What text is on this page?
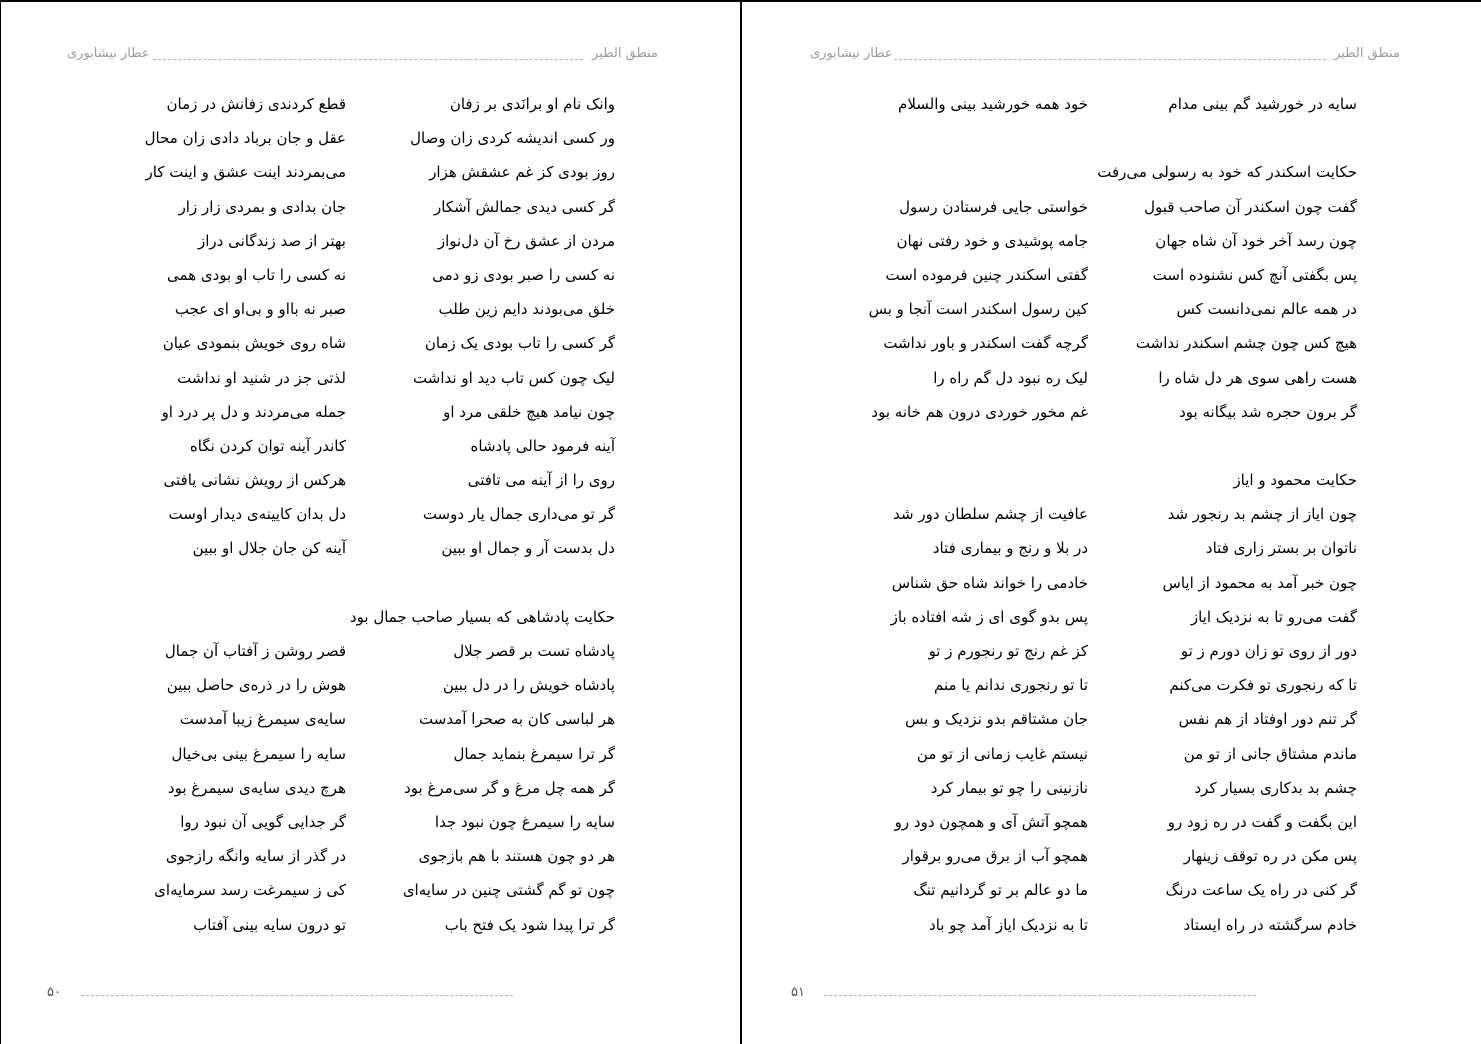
منطق الطیر
عطار نیشابوری
وانک نام او برانَدی بر زفان
قطع کردندی زفانش در زمان
ور کسی اندیشه کردی زان وصال
عقل و جان برباد دادی زان محال
روز بودی کز غم عشقش هزار
می‌بمردند اینت عشق و اینت کار
گر کسی دیدی جمالش آشکار
جان بدادی و بمردی زار زار
مردن از عشق رخ آن دل‌نواز
بهتر از صد زندگانی دراز
نه کسی را صبر بودی زو دمی
نه کسی را تاب او بودی همی
خلق می‌بودند دایم زین طلب
صبر نه بااو و بی‌او ای عجب
گر کسی را تاب بودی یک زمان
شاه روی خویش بنمودی عیان
لیک چون کس تاب دید او نداشت
لذتی جز در شنید او نداشت
چون نیامد هیچ خلقی مرد او
جمله می‌مردند و دل پر درد او
آینه فرمود حالی پادشاه
کاندر آینه توان کردن نگاه
روی را از آینه می تافتی
هرکس از رویش نشانی یافتی
گر تو می‌داری جمال یار دوست
دل بدان کایینه‌ی دیدار اوست
دل بدست آر و جمال او ببین
آینه کن جان جلال او ببین
حکایت پادشاهی که بسیار صاحب جمال بود
پادشاه تست بر قصر جلال
قصر روشن ز آفتاب آن جمال
پادشاه خویش را در دل ببین
هوش را در ذره‌ی حاصل ببین
هر لباسی کان به صحرا آمدست
سایه‌ی سیمرغ زیبا آمدست
گر ترا سیمرغ بنماید جمال
سایه را سیمرغ بینی بی‌خیال
گر همه چل مرغ و گر سی‌مرغ بود
هرچ دیدی سایه‌ی سیمرغ بود
سایه را سیمرغ چون نبود جدا
گر جدایی گویی آن نبود روا
هر دو چون هستند با هم بازجوی
در گذر از سایه وانگه رازجوی
چون تو گم گشتی چنین در سایه‌ای
کی ز سیمرغت رسد سرمایه‌ای
گر ترا پیدا شود یک فتح باب
تو درون سایه بینی آفتاب
۵۰
منطق الطیر
عطار نیشابوری
سایه در خورشید گم بینی مدام
خود همه خورشید بینی والسلام
حکایت اسکندر که خود به رسولی می‌رفت
گفت چون اسکندر آن صاحب قبول
خواستی جایی فرستادن رسول
چون رسد آخر خود آن شاه جهان
جامه پوشیدی و خود رفتی نهان
پس بگفتی آنچ کس نشنوده است
گفتی اسکندر چنین فرموده است
در همه عالم نمی‌دانست کس
کین رسول اسکندر است آنجا و بس
هیچ کس چون چشم اسکندر نداشت
گرچه گفت اسکندر و باور نداشت
هست راهی سوی هر دل شاه را
لیک ره نبود دل گم راه را
گر برون حجره شد بیگانه بود
غم مخور خوردی درون هم خانه بود
حکایت محمود و ایاز
چون ایاز از چشم بد رنجور شد
عافیت از چشم سلطان دور شد
ناتوان بر بستر زاری فتاد
در بلا و رنج و بیماری فتاد
چون خبر آمد به محمود از ایاس
خادمی را خواند شاه حق شناس
گفت می‌رو تا به نزدیک ایاز
پس بدو گوی ای ز شه افتاده باز
دور از روی تو زان دورم ز تو
کز غم رنج تو رنجورم ز تو
تا که رنجوری تو فکرت می‌کنم
تا تو رنجوری ندانم یا منم
گر تنم دور اوفتاد از هم نفس
جان مشتاقم بدو نزدیک و بس
ماندم مشتاق جانی از تو من
نیستم غایب زمانی از تو من
چشم بد بدکاری بسیار کرد
نازنینی را چو تو بیمار کرد
این بگفت و گفت در ره زود رو
همچو آتش آی و همچون دود رو
پس مکن در ره توقف زینهار
همچو آب از برق می‌رو برقوار
گر کنی در راه یک ساعت درنگ
ما دو عالم بر تو گردانیم تنگ
خادم سرگشته در راه ایستاد
تا به نزدیک ایاز آمد چو باد
۵۱
